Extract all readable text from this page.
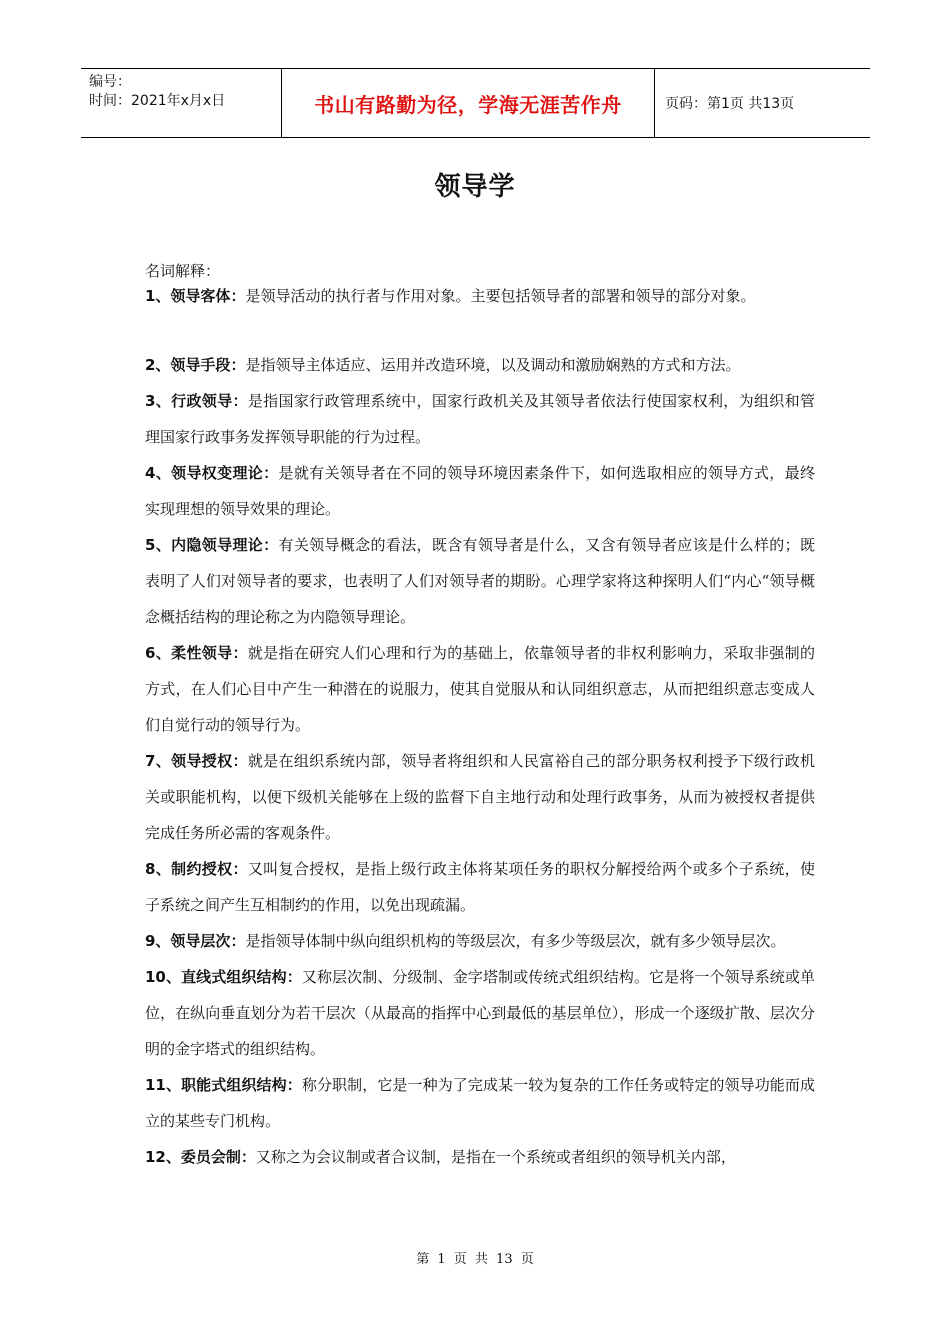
编号：
时间：2021年x月x日	书山有路勤为径，学海无涯苦作舟	页码：第1页 共13页
领导学

名词解释：

1、领导客体：是领导活动的执行者与作用对象。主要包括领导者的部署和领导的部分对象。

2、领导手段：是指领导主体适应、运用并改造环境，以及调动和激励娴熟的方式和方法。

3、行政领导：是指国家行政管理系统中，国家行政机关及其领导者依法行使国家权利，为组织和管理国家行政事务发挥领导职能的行为过程。

4、领导权变理论：是就有关领导者在不同的领导环境因素条件下，如何选取相应的领导方式，最终实现理想的领导效果的理论。

5、内隐领导理论：有关领导概念的看法，既含有领导者是什么，又含有领导者应该是什么样的；既表明了人们对领导者的要求，也表明了人们对领导者的期盼。心理学家将这种探明人们“内心“领导概念概括结构的理论称之为内隐领导理论。

6、柔性领导：就是指在研究人们心理和行为的基础上，依靠领导者的非权利影响力，采取非强制的方式，在人们心目中产生一种潜在的说服力，使其自觉服从和认同组织意志，从而把组织意志变成人们自觉行动的领导行为。

7、领导授权：就是在组织系统内部，领导者将组织和人民富裕自己的部分职务权利授予下级行政机关或职能机构，以便下级机关能够在上级的监督下自主地行动和处理行政事务，从而为被授权者提供完成任务所必需的客观条件。

8、制约授权：又叫复合授权，是指上级行政主体将某项任务的职权分解授给两个或多个子系统，使子系统之间产生互相制约的作用，以免出现疏漏。

9、领导层次：是指领导体制中纵向组织机构的等级层次，有多少等级层次，就有多少领导层次。

10、直线式组织结构：又称层次制、分级制、金字塔制或传统式组织结构。它是将一个领导系统或单位，在纵向垂直划分为若干层次（从最高的指挥中心到最低的基层单位），形成一个逐级扩散、层次分明的金字塔式的组织结构。

11、职能式组织结构：称分职制，它是一种为了完成某一较为复杂的工作任务或特定的领导功能而成立的某些专门机构。

12、委员会制：又称之为会议制或者合议制，是指在一个系统或者组织的领导机关内部，

第 1 页 共 13 页
